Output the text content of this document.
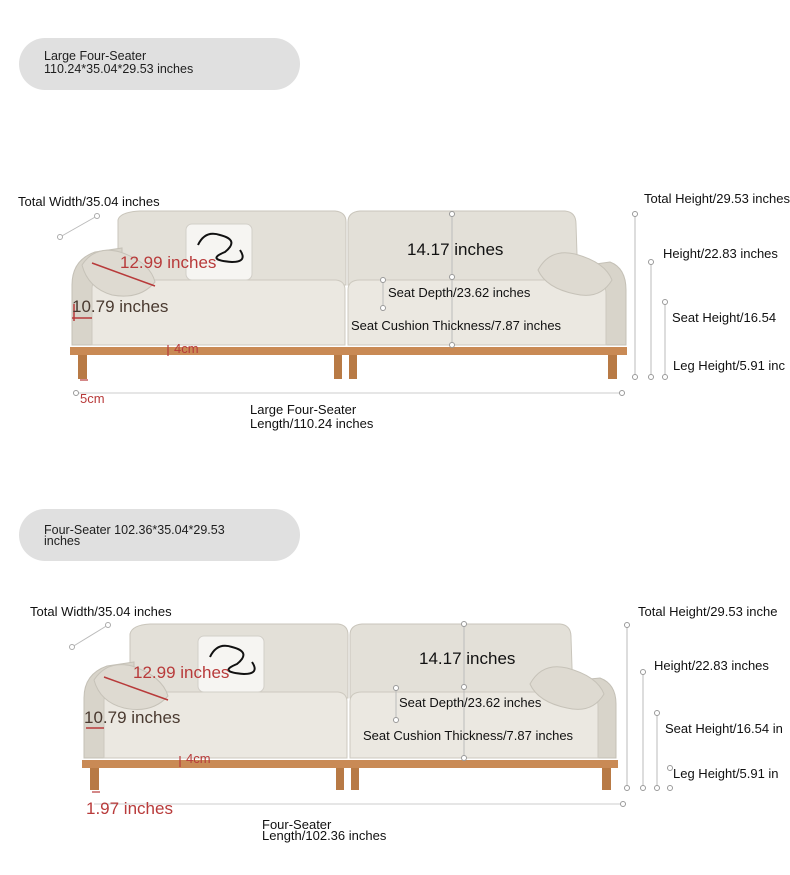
Large Four-Seater
110.24*35.04*29.53 inches
Total Width/35.04 inches	Total Height/29.53 inches
Height/22.83 inches
Seat Height/16.54
Leg Height/5.91 inc
14.17 inches
Seat Depth/23.62 inches
Seat Cushion Thickness/7.87 inches
12.99 inches
10.79 inches
4cm
5cm
Large Four-Seater
Length/110.24 inches
Four-Seater 102.36*35.04*29.53
inches
Total Width/35.04 inches	Total Height/29.53 inche
Height/22.83 inches
Seat Height/16.54 in
Leg Height/5.91 in
14.17 inches
Seat Depth/23.62 inches
Seat Cushion Thickness/7.87 inches
12.99 inches
10.79 inches
4cm
1.97 inches
Four-Seater
Length/102.36 inches
